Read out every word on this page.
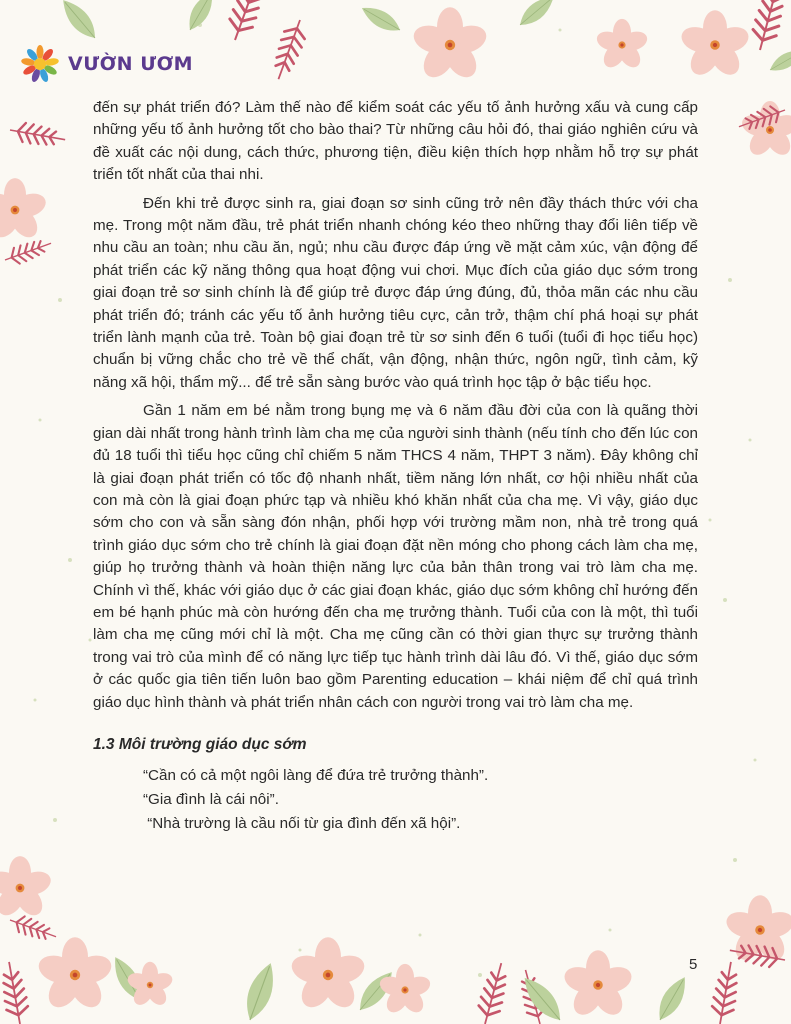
VƯỜN ƯƠM

đến sự phát triển đó? Làm thế nào để kiểm soát các yếu tố ảnh hưởng xấu và cung cấp những yếu tố ảnh hưởng tốt cho bào thai? Từ những câu hỏi đó, thai giáo nghiên cứu và đề xuất các nội dung, cách thức, phương tiện, điều kiện thích hợp nhằm hỗ trợ sự phát triển tốt nhất của thai nhi.

Đến khi trẻ được sinh ra, giai đoạn sơ sinh cũng trở nên đầy thách thức với cha mẹ. Trong một năm đầu, trẻ phát triển nhanh chóng kéo theo những thay đổi liên tiếp về nhu cầu an toàn; nhu cầu ăn, ngủ; nhu cầu được đáp ứng về mặt cảm xúc, vận động để phát triển các kỹ năng thông qua hoạt động vui chơi. Mục đích của giáo dục sớm trong giai đoạn trẻ sơ sinh chính là để giúp trẻ được đáp ứng đúng, đủ, thỏa mãn các nhu cầu phát triển đó; tránh các yếu tố ảnh hưởng tiêu cực, cản trở, thậm chí phá hoại sự phát triển lành mạnh của trẻ. Toàn bộ giai đoạn trẻ từ sơ sinh đến 6 tuổi (tuổi đi học tiểu học) chuẩn bị vững chắc cho trẻ về thể chất, vận động, nhận thức, ngôn ngữ, tình cảm, kỹ năng xã hội, thẩm mỹ... để trẻ sẵn sàng bước vào quá trình học tập ở bậc tiểu học.

Gần 1 năm em bé nằm trong bụng mẹ và 6 năm đầu đời của con là quãng thời gian dài nhất trong hành trình làm cha mẹ của người sinh thành (nếu tính cho đến lúc con đủ 18 tuổi thì tiểu học cũng chỉ chiếm 5 năm THCS 4 năm, THPT 3 năm). Đây không chỉ là giai đoạn phát triển có tốc độ nhanh nhất, tiềm năng lớn nhất, cơ hội nhiều nhất của con mà còn là giai đoạn phức tạp và nhiều khó khăn nhất của cha mẹ. Vì vậy, giáo dục sớm cho con và sẵn sàng đón nhận, phối hợp với trường mầm non, nhà trẻ trong quá trình giáo dục sớm cho trẻ chính là giai đoạn đặt nền móng cho phong cách làm cha mẹ, giúp họ trưởng thành và hoàn thiện năng lực của bản thân trong vai trò làm cha mẹ. Chính vì thế, khác với giáo dục ở các giai đoạn khác, giáo dục sớm không chỉ hướng đến em bé hạnh phúc mà còn hướng đến cha mẹ trưởng thành. Tuổi của con là một, thì tuổi làm cha mẹ cũng mới chỉ là một. Cha mẹ cũng cần có thời gian thực sự trưởng thành trong vai trò của mình để có năng lực tiếp tục hành trình dài lâu đó. Vì thế, giáo dục sớm ở các quốc gia tiên tiến luôn bao gồm Parenting education – khái niệm để chỉ quá trình giáo dục hình thành và phát triển nhân cách con người trong vai trò làm cha mẹ.

1.3 Môi trường giáo dục sớm
“Cần có cả một ngôi làng để đứa trẻ trưởng thành”.
“Gia đình là cái nôi”.
“Nhà trường là cầu nối từ gia đình đến xã hội”.
5
